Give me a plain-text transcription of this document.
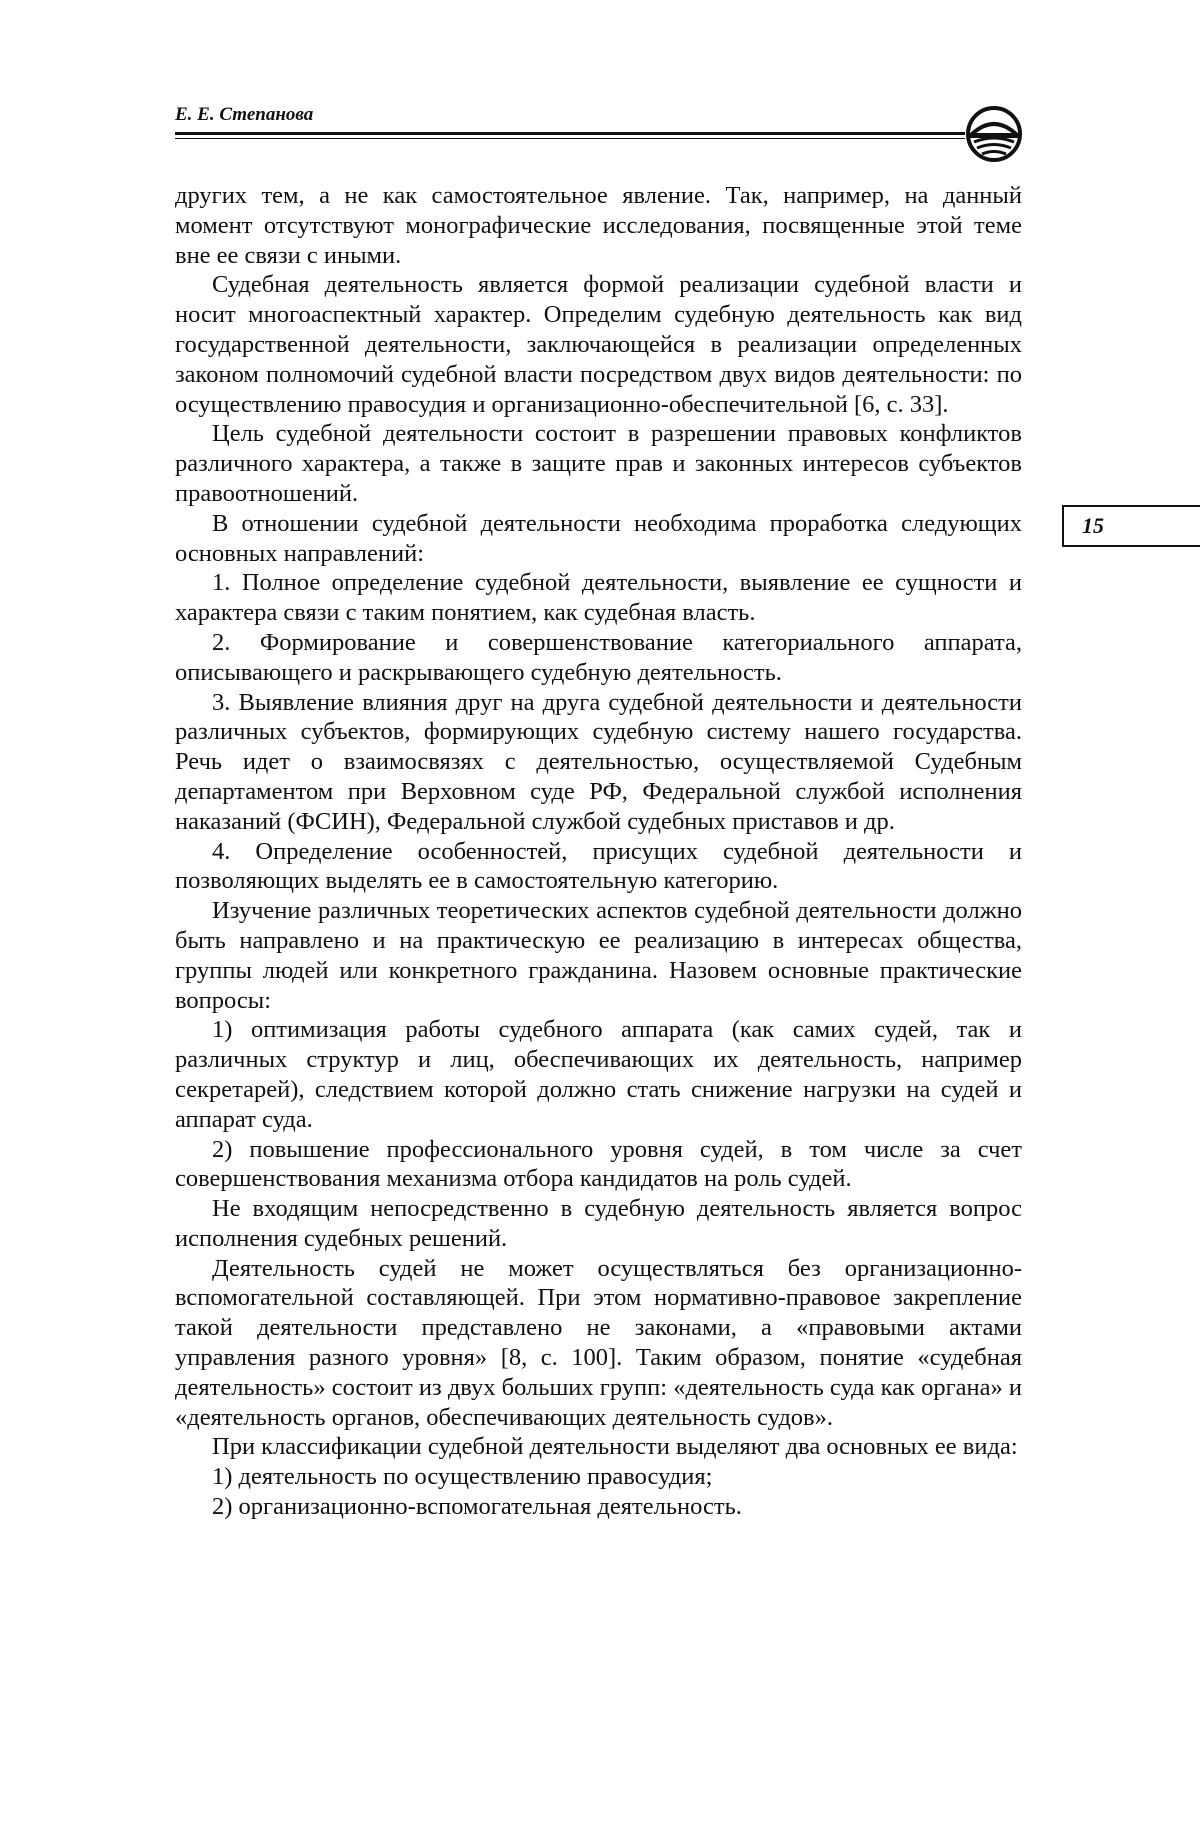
Е. Е. Степанова
15

других тем, а не как самостоятельное явление. Так, например, на данный момент отсутствуют монографические исследования, посвященные этой теме вне ее связи с иными.

Судебная деятельность является формой реализации судебной власти и носит многоаспектный характер. Определим судебную деятельность как вид государственной деятельности, заключающейся в реализации определенных законом полномочий судебной власти посредством двух видов деятельности: по осуществлению правосудия и организационно-обеспечительной [6, с. 33].

Цель судебной деятельности состоит в разрешении правовых конфликтов различного характера, а также в защите прав и законных интересов субъектов правоотношений.

В отношении судебной деятельности необходима проработка следующих основных направлений:

1. Полное определение судебной деятельности, выявление ее сущности и характера связи с таким понятием, как судебная власть.

2. Формирование и совершенствование категориального аппарата, описывающего и раскрывающего судебную деятельность.

3. Выявление влияния друг на друга судебной деятельности и деятельности различных субъектов, формирующих судебную систему нашего государства. Речь идет о взаимосвязях с деятельностью, осуществляемой Судебным департаментом при Верховном суде РФ, Федеральной службой исполнения наказаний (ФСИН), Федеральной службой судебных приставов и др.

4. Определение особенностей, присущих судебной деятельности и позволяющих выделять ее в самостоятельную категорию.

Изучение различных теоретических аспектов судебной деятельности должно быть направлено и на практическую ее реализацию в интересах общества, группы людей или конкретного гражданина. Назовем основные практические вопросы:

1) оптимизация работы судебного аппарата (как самих судей, так и различных структур и лиц, обеспечивающих их деятельность, например секретарей), следствием которой должно стать снижение нагрузки на судей и аппарат суда.

2) повышение профессионального уровня судей, в том числе за счет совершенствования механизма отбора кандидатов на роль судей.

Не входящим непосредственно в судебную деятельность является вопрос исполнения судебных решений.

Деятельность судей не может осуществляться без организационно-вспомогательной составляющей. При этом нормативно-правовое закрепление такой деятельности представлено не законами, а «правовыми актами управления разного уровня» [8, с. 100]. Таким образом, понятие «судебная деятельность» состоит из двух больших групп: «деятельность суда как органа» и «деятельность органов, обеспечивающих деятельность судов».

При классификации судебной деятельности выделяют два основных ее вида:

1) деятельность по осуществлению правосудия;

2) организационно-вспомогательная деятельность.
